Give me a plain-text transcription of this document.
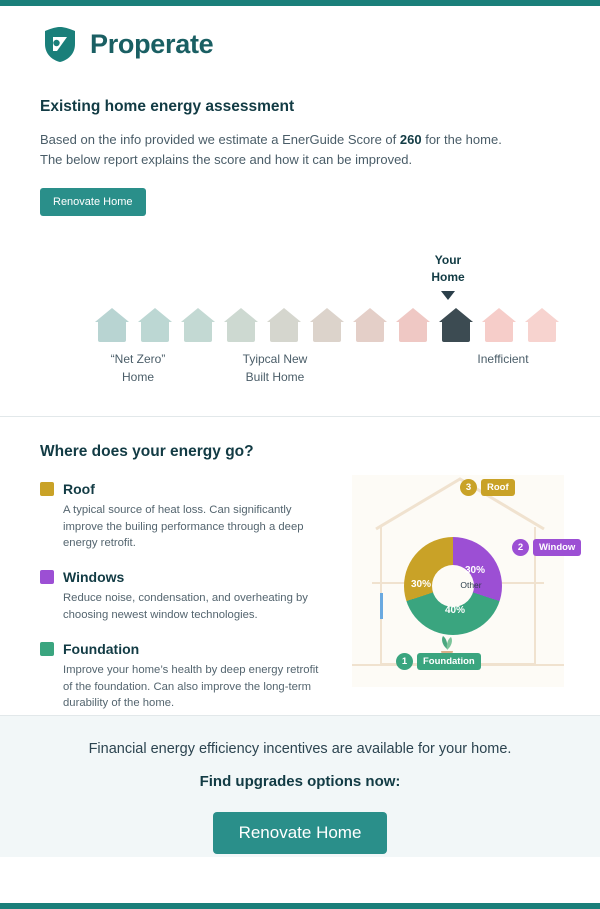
Properate
Existing home energy assessment

Based on the info provided we estimate a EnerGuide Score of 260 for the home. The below report explains the score and how it can be improved.

Renovate Home
Your
Home
“Net Zero”
Home
Tyipcal New
Built Home
Inefficient
Where does your energy go?
Roof
A typical source of heat loss. Can significantly improve the builing performance through a deep energy retrofit.
Windows
Reduce noise, condensation, and overheating by choosing newest window technologies.
Foundation
Improve your home’s health by deep energy retrofit of the foundation. Can also improve the long-term durability of the home.
30%
30%
40%
Other
3	Roof
2	Window
1	Foundation

Financial energy efficiency incentives are available for your home.

Find upgrades options now:

Renovate Home
